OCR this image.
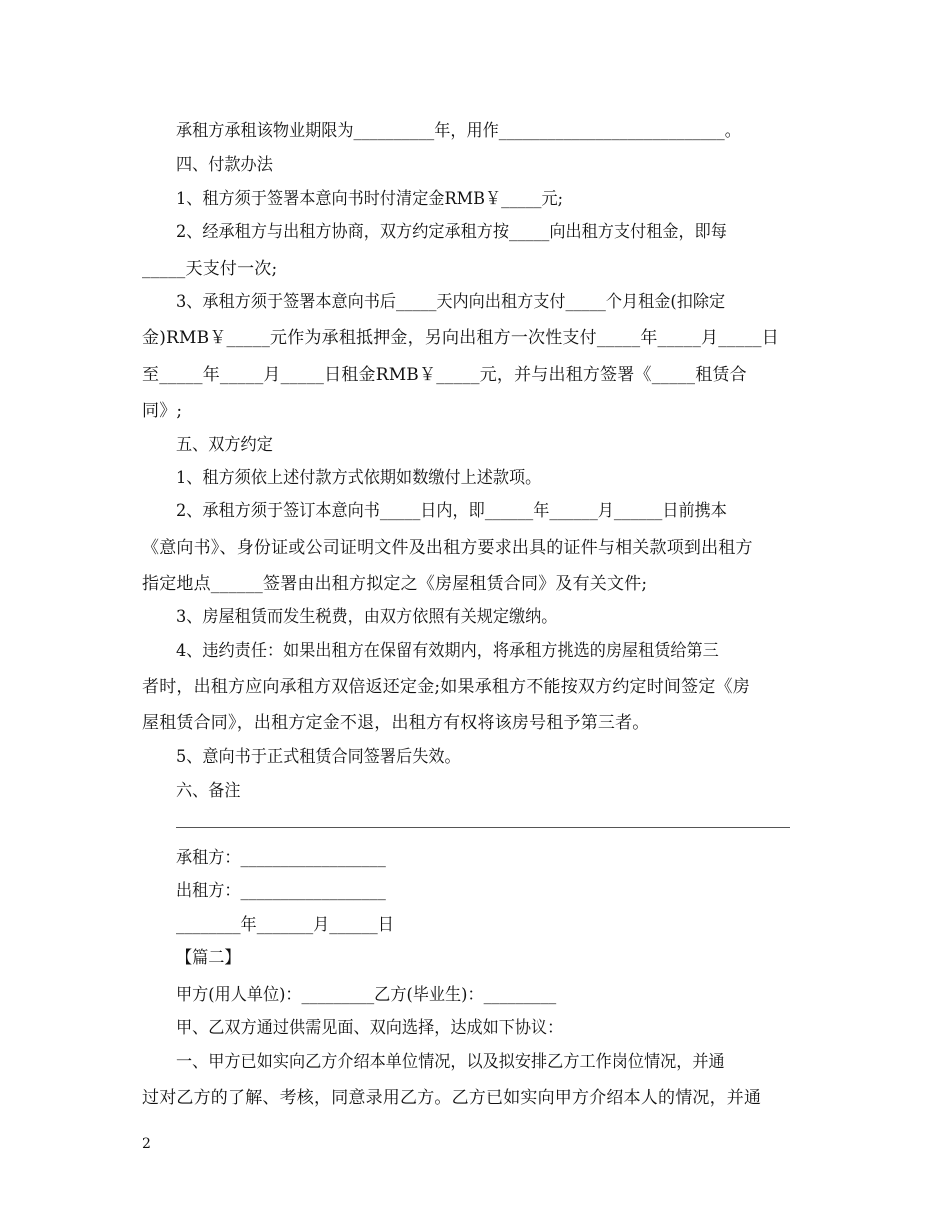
承租方承租该物业期限为__________年，用作____________________________。
四、付款办法
1、租方须于签署本意向书时付清定金RMB￥_____元;
2、经承租方与出租方协商，双方约定承租方按_____向出租方支付租金，即每
_____天支付一次;
3、承租方须于签署本意向书后_____天内向出租方支付_____个月租金(扣除定
金)RMB￥_____元作为承租抵押金，另向出租方一次性支付_____年_____月_____日
至_____年_____月_____日租金RMB￥_____元，并与出租方签署《_____租赁合
同》;
五、双方约定
1、租方须依上述付款方式依期如数缴付上述款项。
2、承租方须于签订本意向书_____日内，即______年______月______日前携本
《意向书》、身份证或公司证明文件及出租方要求出具的证件与相关款项到出租方
指定地点______签署由出租方拟定之《房屋租赁合同》及有关文件;
3、房屋租赁而发生税费，由双方依照有关规定缴纳。
4、违约责任：如果出租方在保留有效期内，将承租方挑选的房屋租赁给第三
者时，出租方应向承租方双倍返还定金;如果承租方不能按双方约定时间签定《房
屋租赁合同》，出租方定金不退，出租方有权将该房号租予第三者。
5、意向书于正式租赁合同签署后失效。
六、备注
承租方：__________________
出租方：__________________
________年_______月______日
【篇二】
甲方(用人单位)：_________乙方(毕业生)：_________
甲、乙双方通过供需见面、双向选择，达成如下协议：
一、甲方已如实向乙方介绍本单位情况，以及拟安排乙方工作岗位情况，并通
过对乙方的了解、考核，同意录用乙方。乙方已如实向甲方介绍本人的情况，并通
2
